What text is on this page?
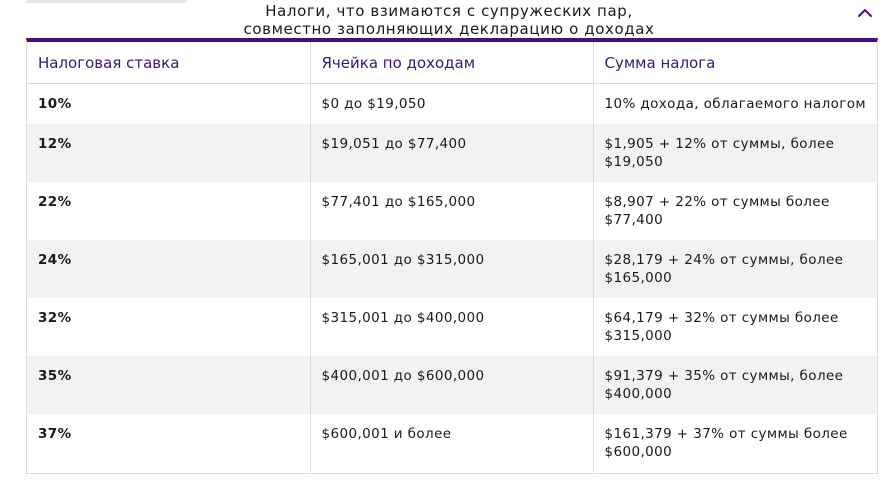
Налоги, что взимаются с супружеских пар,
совместно заполняющих декларацию о доходах
Налоговая ставка	Ячейка по доходам	Сумма налога
10%	$0 до $19,050	10% дохода, облагаемого налогом
12%	$19,051 до $77,400	$1,905 + 12% от суммы, более $19,050
22%	$77,401 до $165,000	$8,907 + 22% от суммы более $77,400
24%	$165,001 до $315,000	$28,179 + 24% от суммы, более $165,000
32%	$315,001 до $400,000	$64,179 + 32% от суммы более $315,000
35%	$400,001 до $600,000	$91,379 + 35% от суммы, более $400,000
37%	$600,001 и более	$161,379 + 37% от суммы более $600,000
